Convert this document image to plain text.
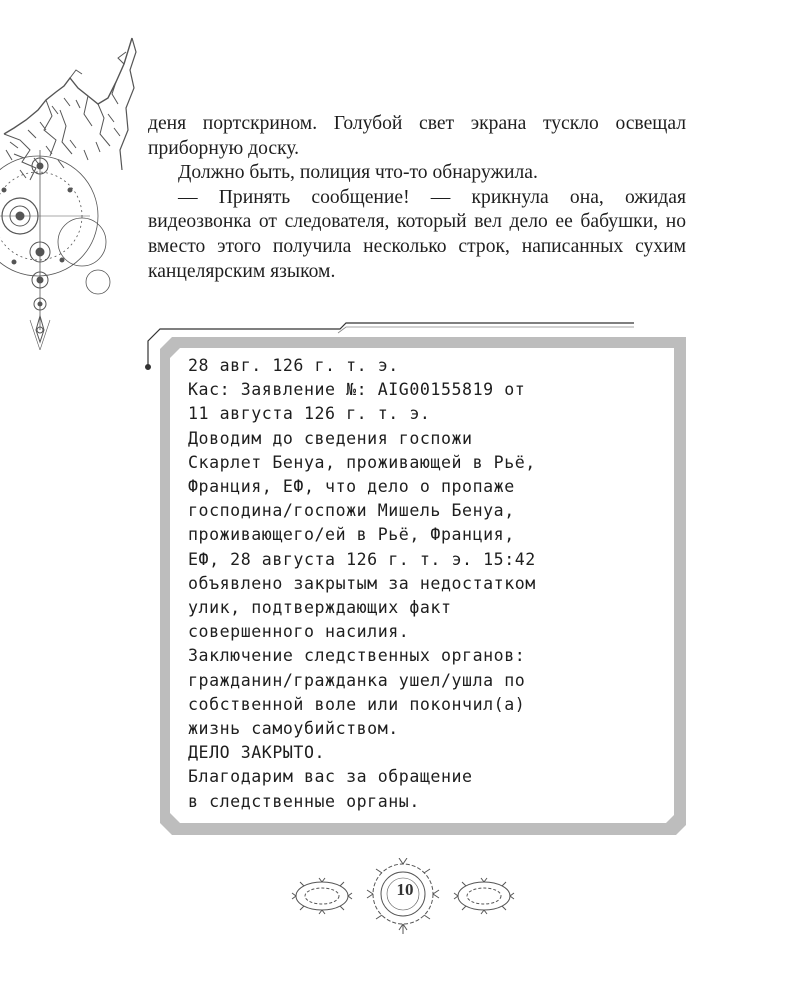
деня портскрином. Голубой свет экрана тускло освещал приборную доску.

Должно быть, полиция что-то обнаружила.

— Принять сообщение! — крикнула она, ожидая видеозвонка от следователя, который вел дело ее бабушки, но вместо этого получила несколько строк, написанных сухим канцелярским языком.

28 авг. 126 г. т. э.
Кас: Заявление №: AIG00155819 от
11 августа 126 г. т. э.
Доводим до сведения госпожи
Скарлет Бенуа, проживающей в Рьё,
Франция, ЕФ, что дело о пропаже
господина/госпожи Мишель Бенуа,
проживающего/ей в Рьё, Франция,
ЕФ, 28 августа 126 г. т. э. 15:42
объявлено закрытым за недостатком
улик, подтверждающих факт
совершенного насилия.
Заключение следственных органов:
гражданин/гражданка ушел/ушла по
собственной воле или покончил(а)
жизнь самоубийством.
ДЕЛО ЗАКРЫТО.
Благодарим вас за обращение
в следственные органы.
10
